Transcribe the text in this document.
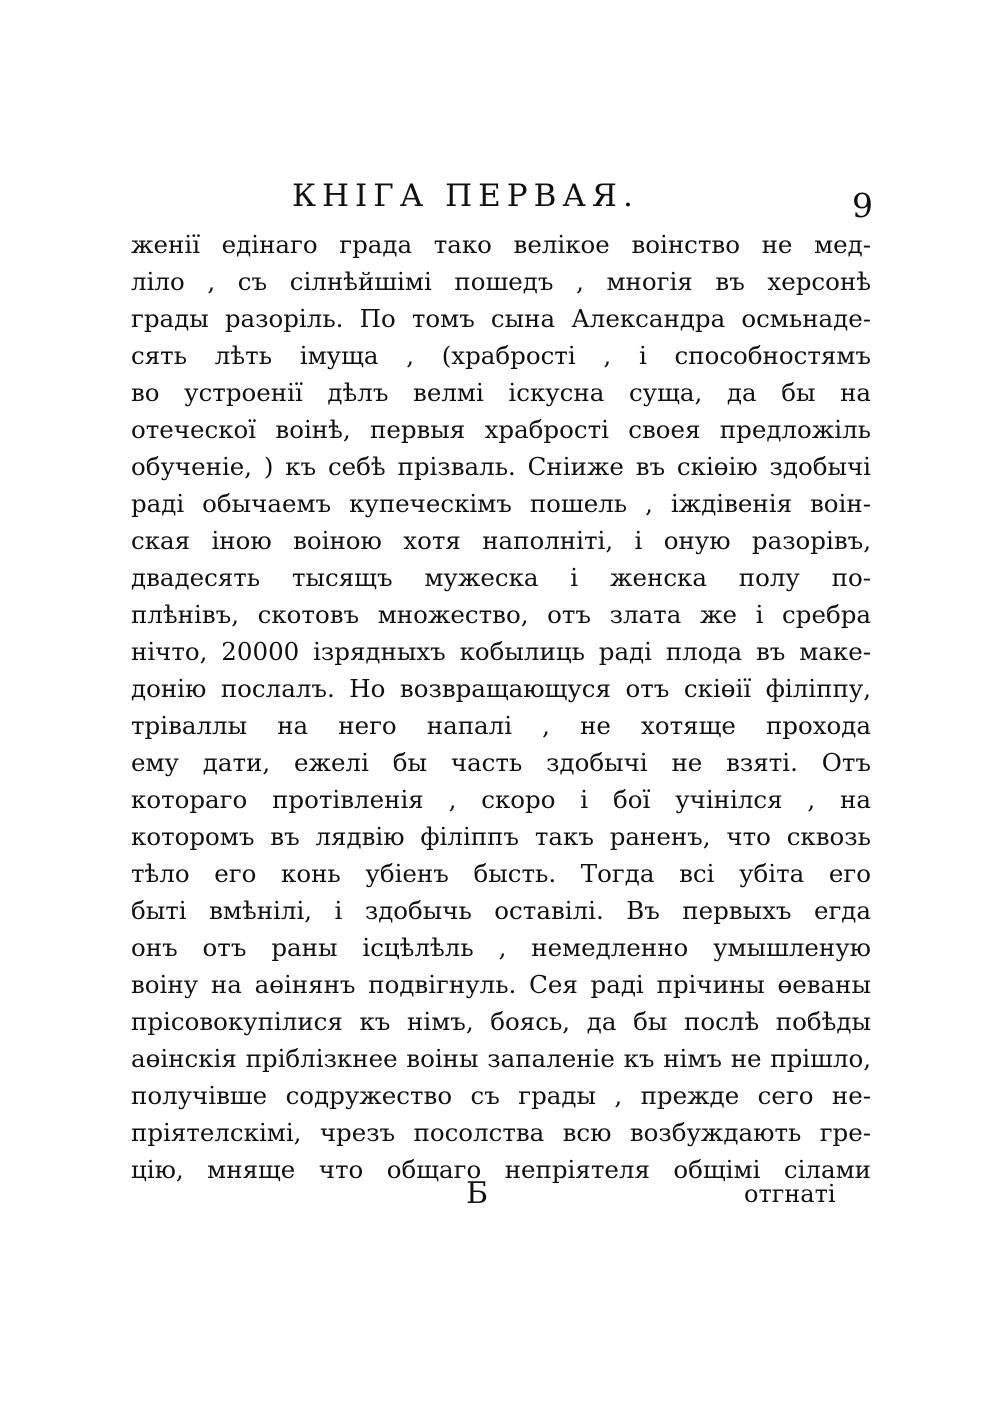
КНІГА ПЕРВАЯ.	9
женії едінаго града тако велікое воінство не мед-
ліло , съ сілнѣйшімі пошедъ , многія въ херсонѣ
грады разоріль. По томъ сына Александра осмьнаде-
сять лѣть імуща , (храбрості , і способностямъ
во устроенії дѣлъ велмі іскусна суща, да бы на
отеческої воінѣ, первыя храбрості своея предложіль
обученіе, ) къ себѣ прізваль. Сніиже въ скіөію здобычі
раді обычаемъ купеческімъ пошель , іждівенія воін-
ская іною воіною хотя наполніті, і оную разорівъ,
двадесять тысящъ мужеска і женска полу по-
плѣнівъ, скотовъ множество, отъ злата же і сребра
нічто, 20000 ізрядныхъ кобылиць раді плода въ маке-
донію послалъ. Но возвращающуся отъ скіөії філіппу,
тріваллы на него напалі , не хотяще прохода
ему дати, ежелі бы часть здобычі не взяті. Отъ
котораго протівленія , скоро і бої учінілся , на
которомъ въ лядвію філіппъ такъ раненъ, что сквозь
тѣло его конь убіенъ бысть. Тогда всі убіта его
быті вмѣнілі, і здобычь оставілі. Въ первыхъ егда
онъ отъ раны ісцѣлѣль , немедленно умышленую
воіну на аөінянъ подвігнуль. Сея раді прічины өеваны
прісовокупілися къ німъ, боясь, да бы послѣ побѣды
аөінскія пріблізкнее воіны запаленіе къ німъ не прішло,
получівше содружество съ грады , прежде сего не-
пріятелскімі, чрезъ посолства всю возбуждають гре-
цію, мняще что общаго непріятеля общімі сілами
Б	отгнаті
